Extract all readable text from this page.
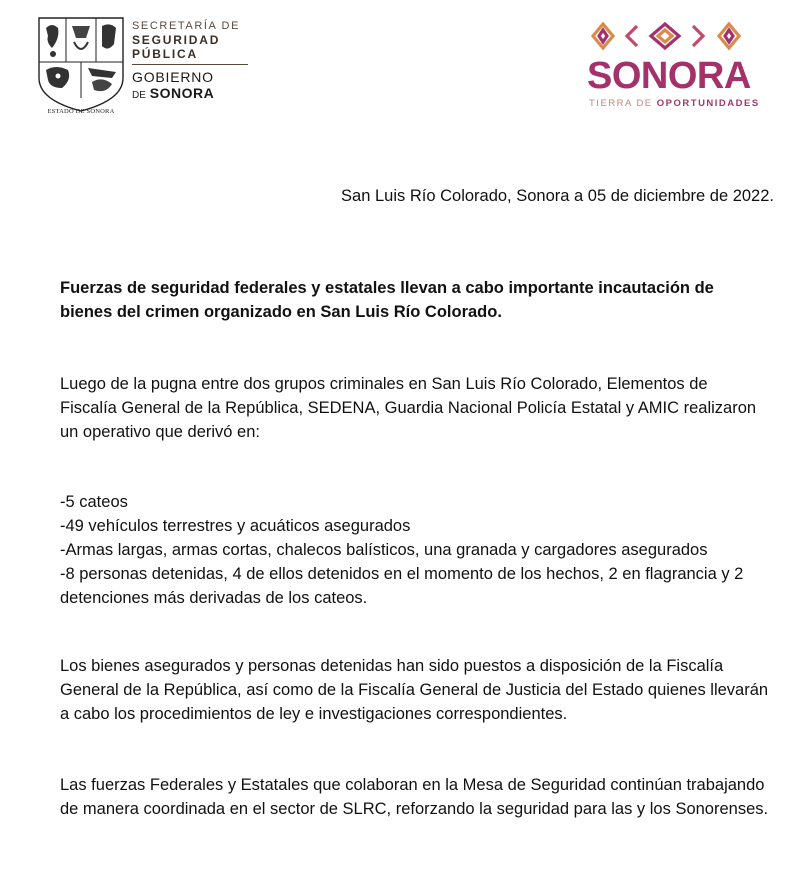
ESTADO DE SONORA
SECRETARÍA DE
SEGURIDAD
PÚBLICA
GOBIERNO
DE SONORA	SONORA
TIERRA DE OPORTUNIDADES
San Luis Río Colorado, Sonora a 05 de diciembre de 2022.
Fuerzas de seguridad federales y estatales llevan a cabo importante incautación de bienes del crimen organizado en San Luis Río Colorado.

Luego de la pugna entre dos grupos criminales en San Luis Río Colorado, Elementos de Fiscalía General de la República, SEDENA, Guardia Nacional Policía Estatal y AMIC realizaron un operativo que derivó en:

-5 cateos
-49 vehículos terrestres y acuáticos asegurados
-Armas largas, armas cortas, chalecos balísticos, una granada y cargadores asegurados
-8 personas detenidas, 4 de ellos detenidos en el momento de los hechos, 2 en flagrancia y 2 detenciones más derivadas de los cateos.

Los bienes asegurados y personas detenidas han sido puestos a disposición de la Fiscalía General de la República, así como de la Fiscalía General de Justicia del Estado quienes llevarán a cabo los procedimientos de ley e investigaciones correspondientes.

Las fuerzas Federales y Estatales que colaboran en la Mesa de Seguridad continúan trabajando de manera coordinada en el sector de SLRC, reforzando la seguridad para las y los Sonorenses.
